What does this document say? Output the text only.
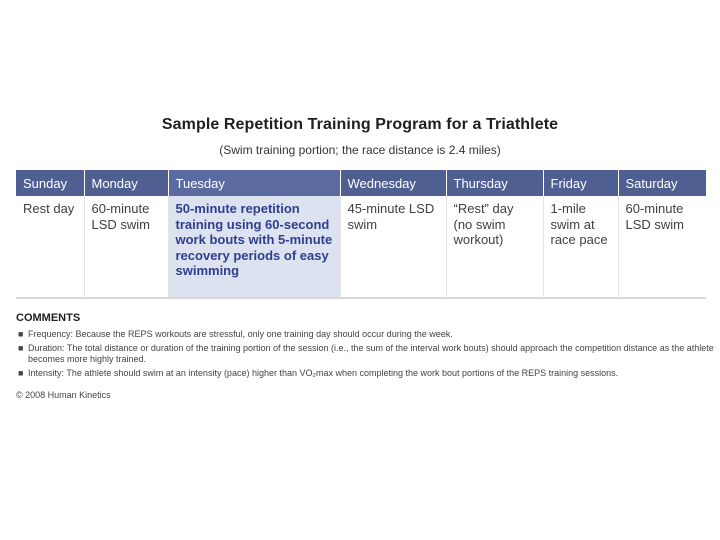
Sample Repetition Training Program for a Triathlete
(Swim training portion; the race distance is 2.4 miles)
Sunday	Monday	Tuesday	Wednesday	Thursday	Friday	Saturday
Rest day	60-minute LSD swim	50-minute repetition training using 60-second work bouts with 5-minute recovery periods of easy swimming	45-minute LSD swim	“Rest” day (no swim workout)	1-mile swim at race pace	60-minute LSD swim
COMMENTS
■ Frequency: Because the REPS workouts are stressful, only one training day should occur during the week.
■ Duration: The total distance or duration of the training portion of the session (i.e., the sum of the interval work bouts) should approach the competition distance as the athlete becomes more highly trained.
■ Intensity: The athlete should swim at an intensity (pace) higher than VO₂max when completing the work bout portions of the REPS training sessions.
© 2008 Human Kinetics
